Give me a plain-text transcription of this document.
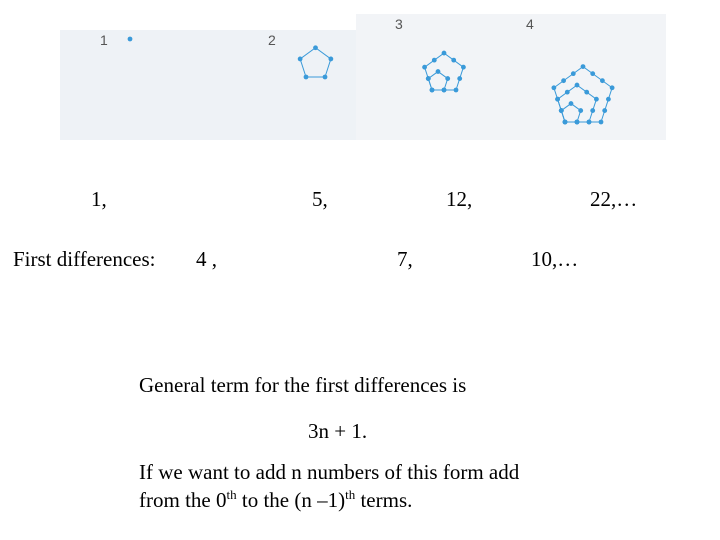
1	2
3	4
1,	5,	12,	22,…
First differences: 4 ,	7,	10,…
General term for the first differences is
3n + 1.
If we want to add n numbers of this form add
from the 0th to the (n –1)$^{th}$ terms.
